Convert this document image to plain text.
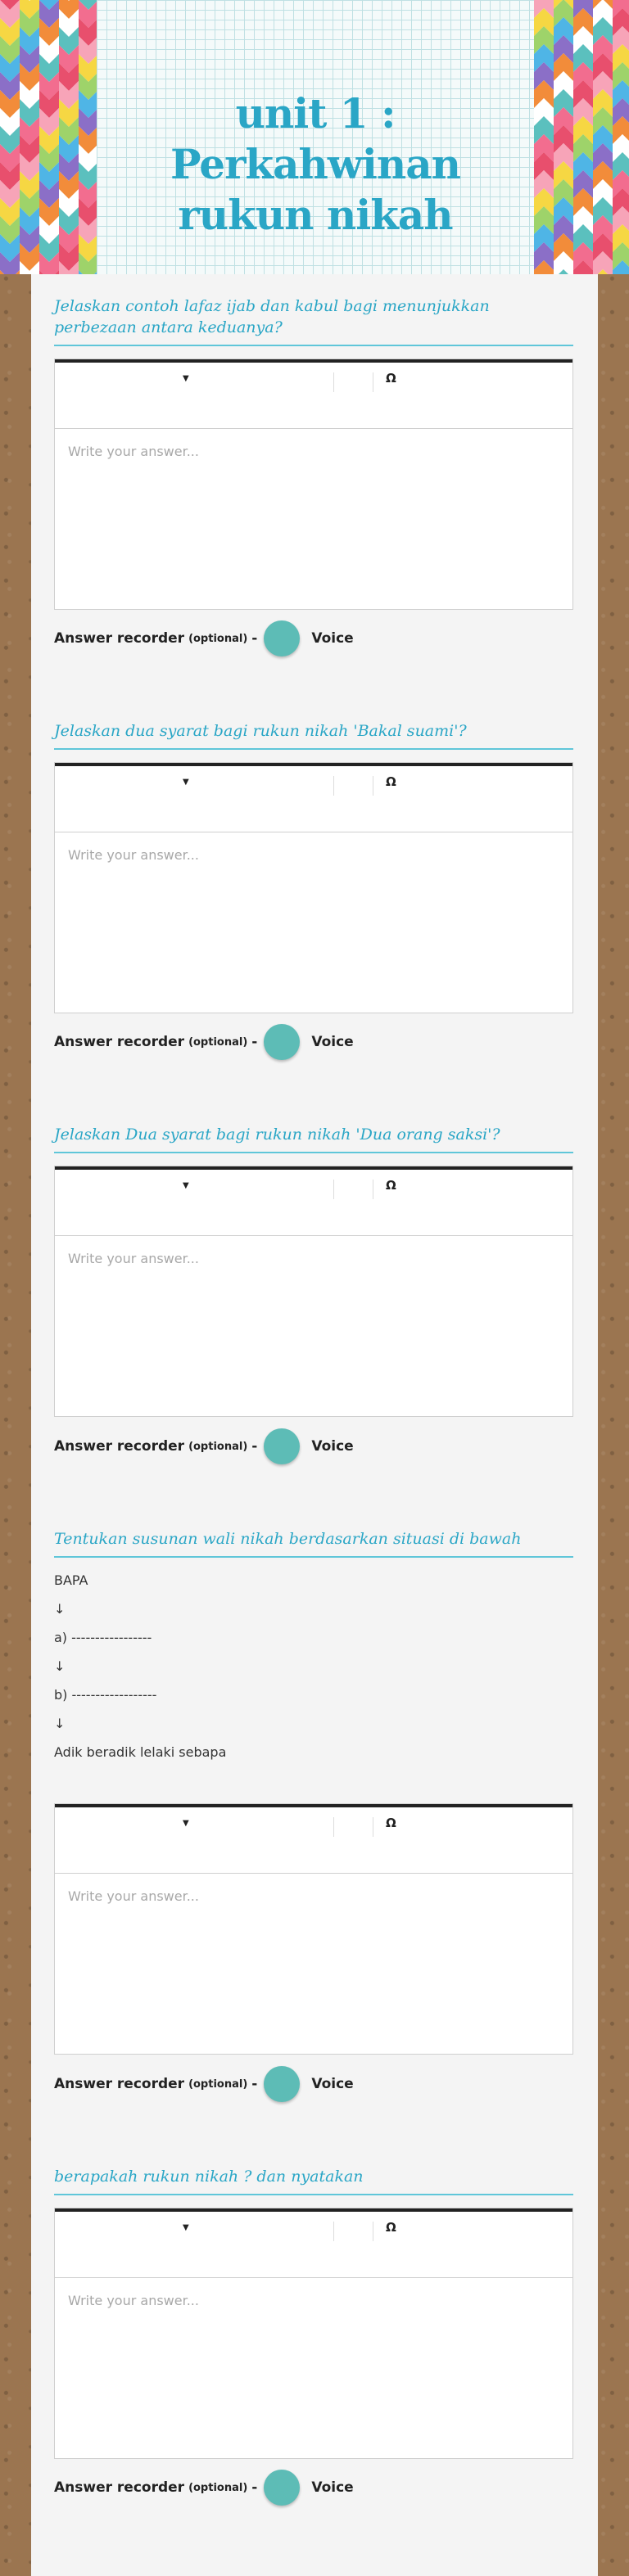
unit 1 : Perkahwinan rukun nikah
Jelaskan contoh lafaz ijab dan kabul bagi menunjukkan perbezaan antara keduanya?
▼	Ω
Write your answer...
Answer recorder (optional) -	Voice
Jelaskan dua syarat bagi rukun nikah 'Bakal suami'?
▼	Ω
Write your answer...
Answer recorder (optional) -	Voice
Jelaskan Dua syarat bagi rukun nikah 'Dua orang saksi'?
▼	Ω
Write your answer...
Answer recorder (optional) -	Voice
Tentukan susunan wali nikah berdasarkan situasi di bawah
BAPA
↓
a) -----------------
↓
b) ------------------
↓
Adik beradik lelaki sebapa
▼	Ω
Write your answer...
Answer recorder (optional) -	Voice
berapakah rukun nikah ? dan nyatakan
▼	Ω
Write your answer...
Answer recorder (optional) -	Voice
